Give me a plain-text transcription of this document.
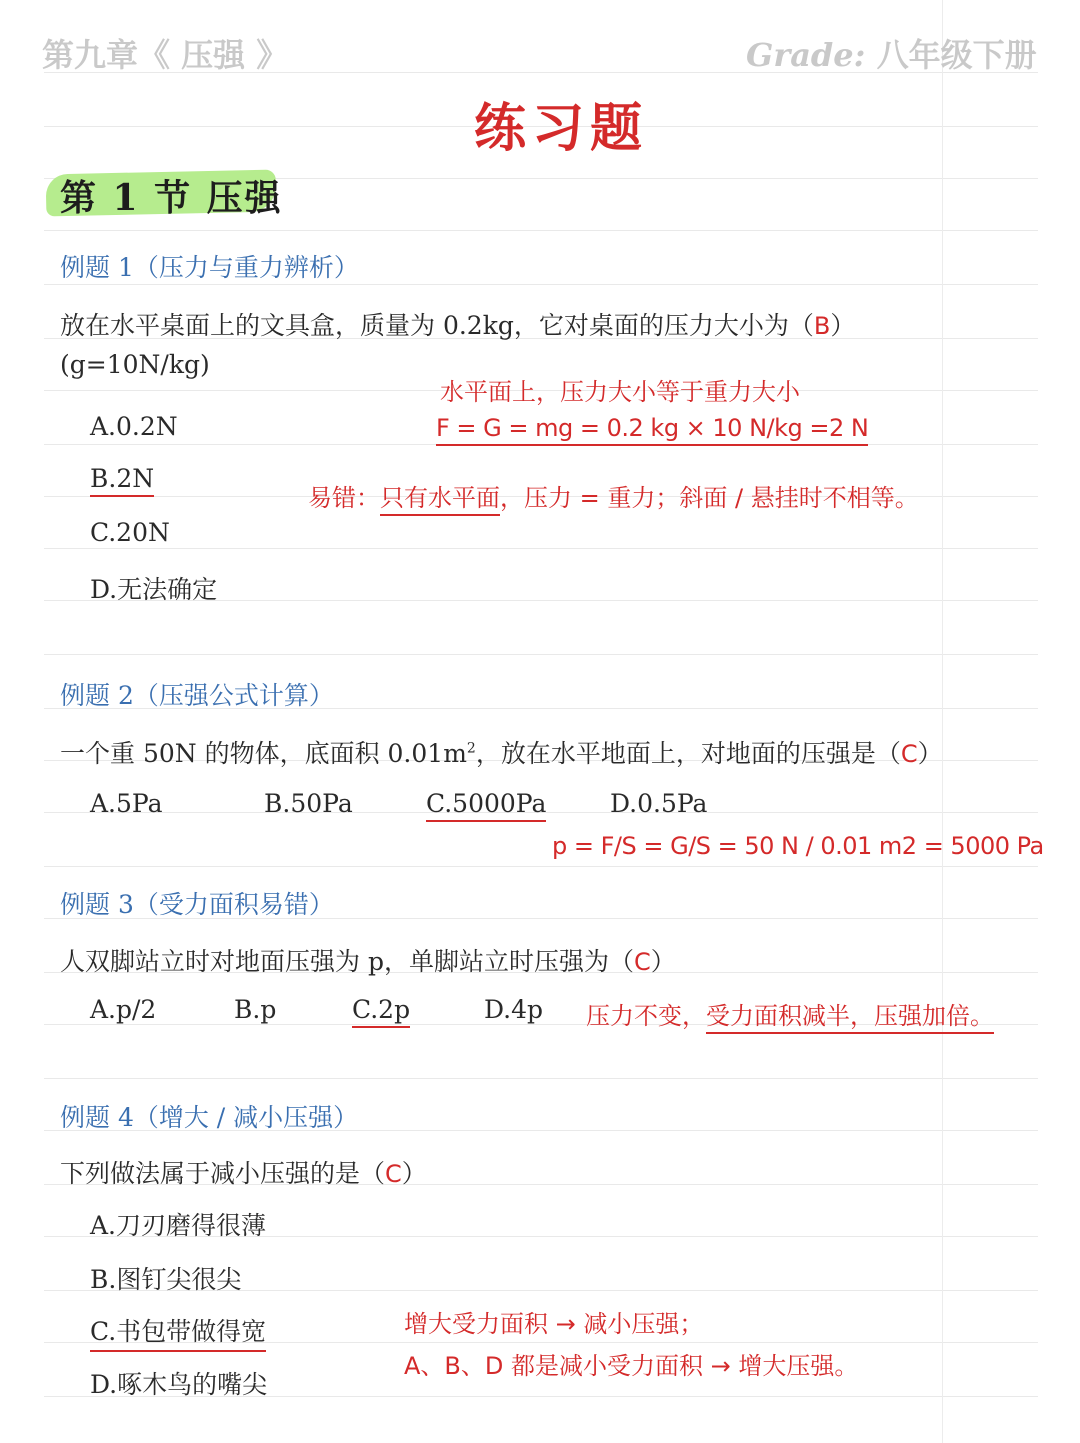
第九章《 压强 》	Grade: 八年级下册
练习题
第 1 节 压强
例题 1（压力与重力辨析）
放在水平桌面上的文具盒，质量为 0.2kg，它对桌面的压力大小为（B）
(g=10N/kg)
水平面上，压力大小等于重力大小
F = G = mg = 0.2 kg × 10 N/kg =2 N
A.0.2N
B.2N
C.20N
D.无法确定
易错：只有水平面，压力 = 重力；斜面 / 悬挂时不相等。
例题 2（压强公式计算）
一个重 50N 的物体，底面积 $0.01m^2$，放在水平地面上，对地面的压强是（C）
A.5Pa	B.50Pa	C.5000Pa	D.0.5Pa
p = F/S = G/S = 50 N / 0.01 m2 = 5000 Pa
例题 3（受力面积易错）
人双脚站立时对地面压强为 p，单脚站立时压强为（C）
A.p/2	B.p	C.2p	D.4p 压力不变，受力面积减半，压强加倍。
例题 4（增大 / 减小压强）
下列做法属于减小压强的是（C）
A.刀刃磨得很薄
B.图钉尖很尖
C.书包带做得宽
D.啄木鸟的嘴尖
增大受力面积 → 减小压强；
A、B、D 都是减小受力面积 → 增大压强。
